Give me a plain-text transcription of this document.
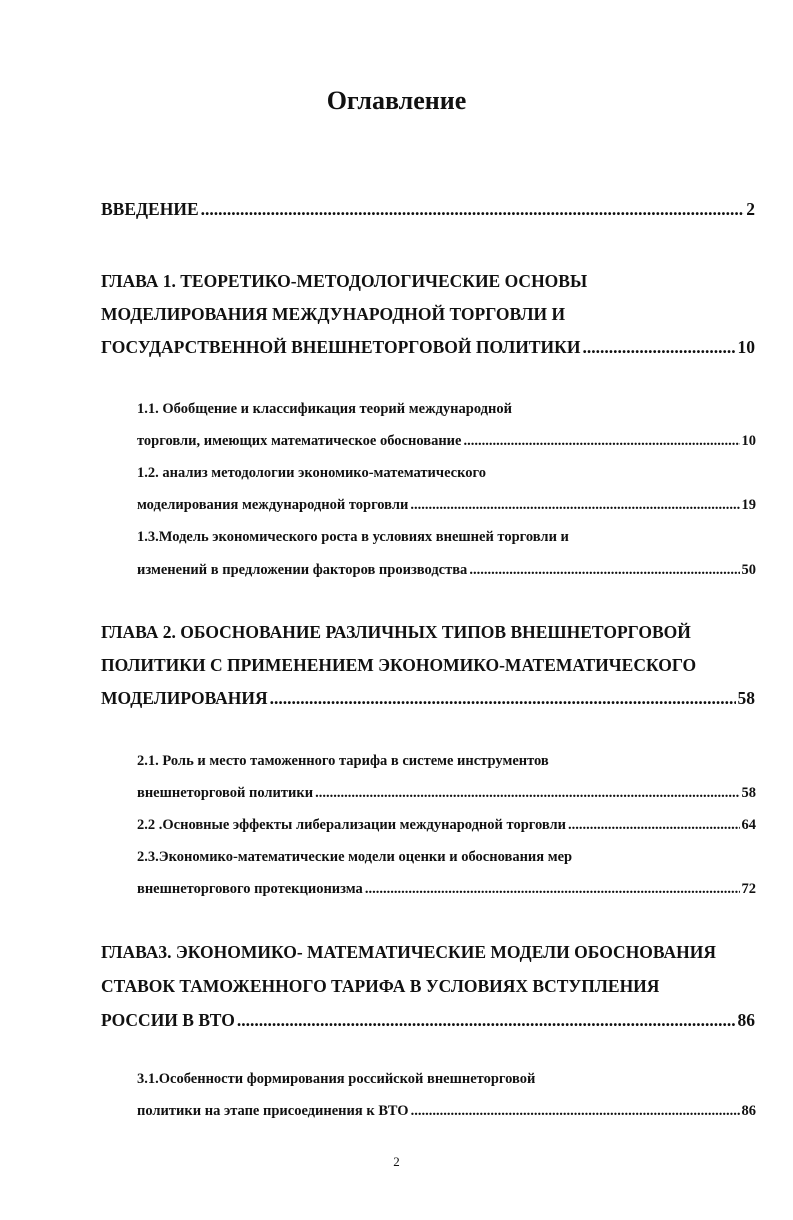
Оглавление
ВВЕДЕНИЕ .....	2
ГЛАВА 1. ТЕОРЕТИКО-МЕТОДОЛОГИЧЕСКИЕ ОСНОВЫ
МОДЕЛИРОВАНИЯ МЕЖДУНАРОДНОЙ ТОРГОВЛИ И
ГОСУДАРСТВЕННОЙ ВНЕШНЕТОРГОВОЙ ПОЛИТИКИ .....	10
1.1. Обобщение и классификация теорий международной
торговли, имеющих математическое обоснование .....	10
1.2. анализ методологии экономико-математического
моделирования международной торговли .....	19
1.3.Модель экономического роста в условиях внешней торговли и
изменений в предложении факторов производства .....	50
ГЛАВА 2. ОБОСНОВАНИЕ РАЗЛИЧНЫХ ТИПОВ ВНЕШНЕТОРГОВОЙ
ПОЛИТИКИ С ПРИМЕНЕНИЕМ ЭКОНОМИКО-МАТЕМАТИЧЕСКОГО
МОДЕЛИРОВАНИЯ .....	58
2.1. Роль и место таможенного тарифа в системе инструментов
внешнеторговой политики .....	58
2.2 .Основные эффекты либерализации международной торговли .....	64
2.3.Экономико-математические модели оценки и обоснования мер
внешнеторгового протекционизма .....	72
ГЛАВА3. ЭКОНОМИКО- МАТЕМАТИЧЕСКИЕ МОДЕЛИ ОБОСНОВАНИЯ
СТАВОК ТАМОЖЕННОГО ТАРИФА В УСЛОВИЯХ ВСТУПЛЕНИЯ
РОССИИ В ВТО .....	86
3.1.Особенности формирования российской внешнеторговой
политики на этапе присоединения к ВТО .....	86
2
